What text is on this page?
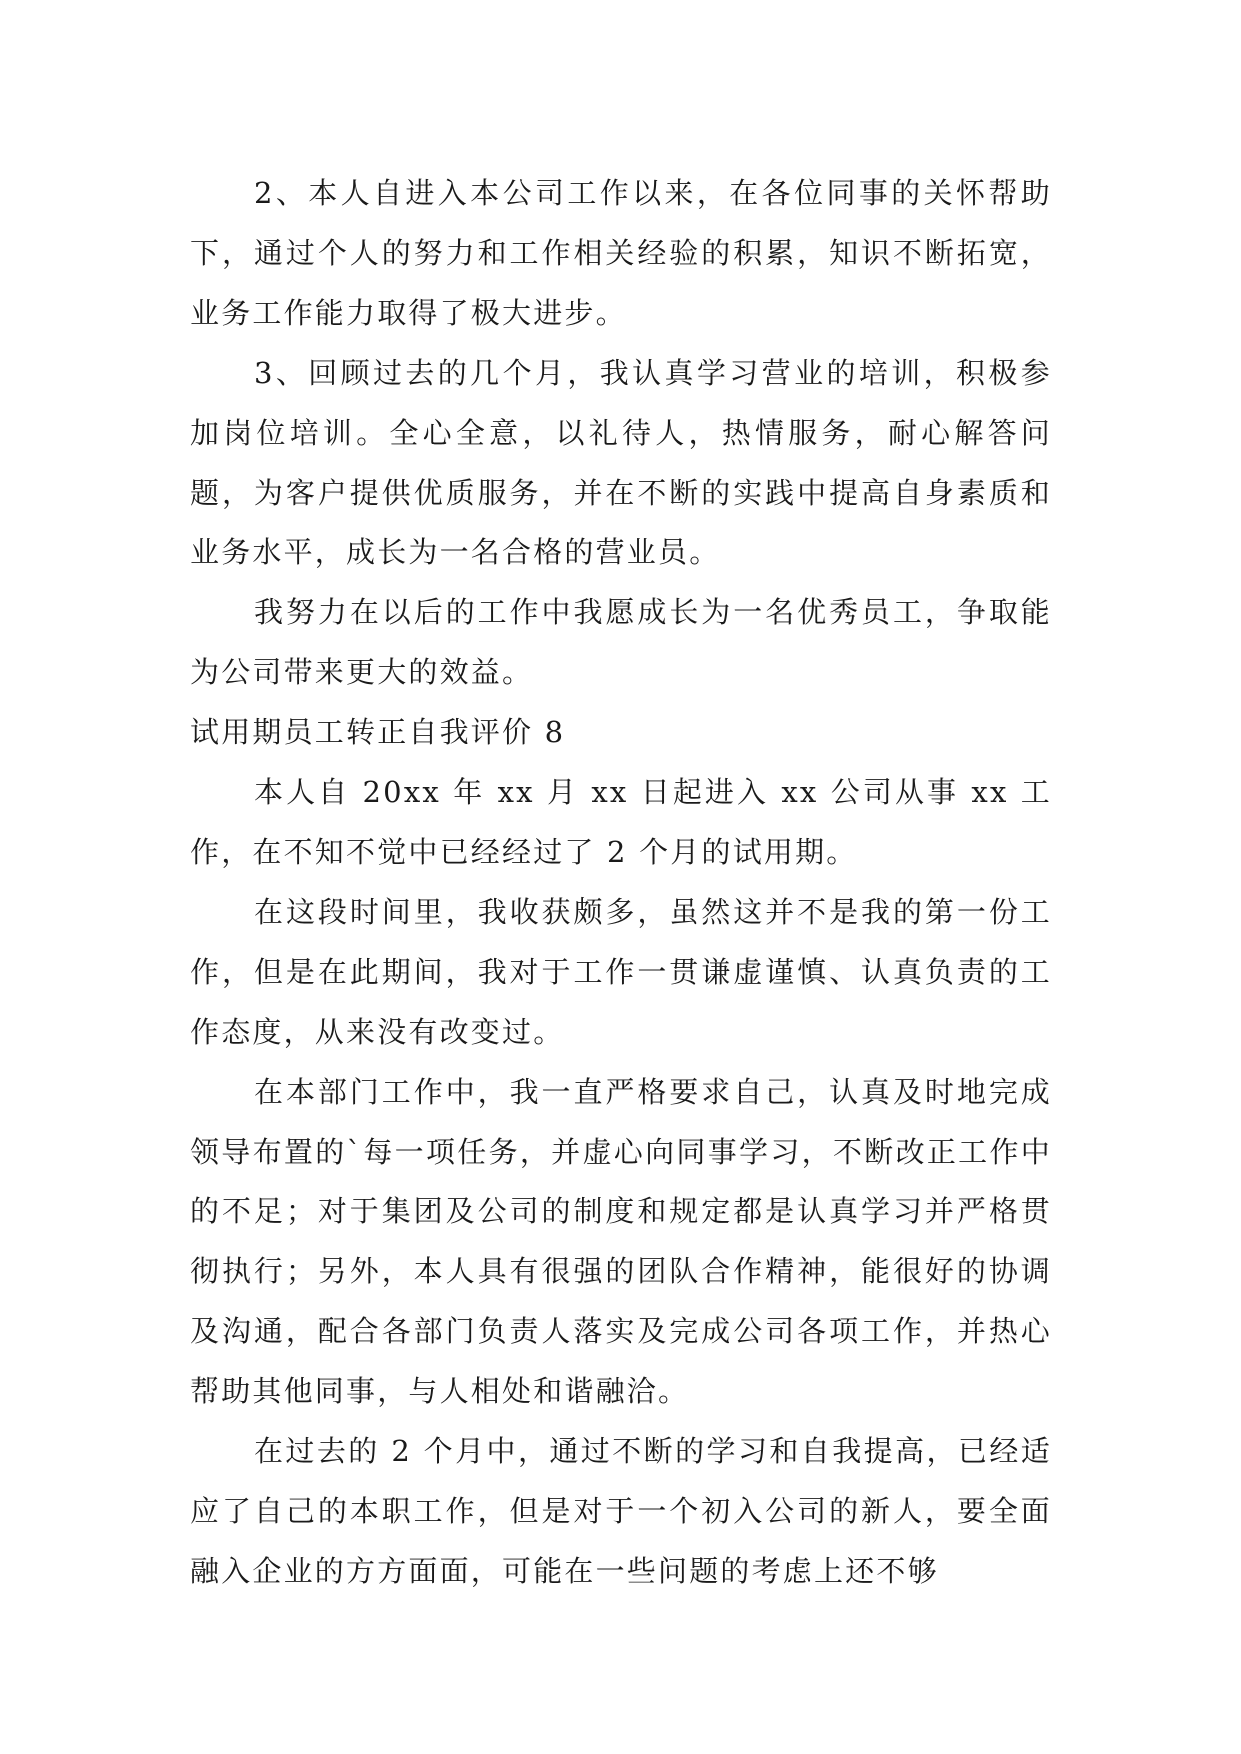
2、本人自进入本公司工作以来，在各位同事的关怀帮助下，通过个人的努力和工作相关经验的积累，知识不断拓宽，业务工作能力取得了极大进步。

3、回顾过去的几个月，我认真学习营业的培训，积极参加岗位培训。全心全意，以礼待人，热情服务，耐心解答问题，为客户提供优质服务，并在不断的实践中提高自身素质和业务水平，成长为一名合格的营业员。

我努力在以后的工作中我愿成长为一名优秀员工，争取能为公司带来更大的效益。

试用期员工转正自我评价 8

本人自 20xx 年 xx 月 xx 日起进入 xx 公司从事 xx 工作，在不知不觉中已经经过了 2 个月的试用期。

在这段时间里，我收获颇多，虽然这并不是我的第一份工作，但是在此期间，我对于工作一贯谦虚谨慎、认真负责的工作态度，从来没有改变过。

在本部门工作中，我一直严格要求自己，认真及时地完成领导布置的`每一项任务，并虚心向同事学习，不断改正工作中的不足；对于集团及公司的制度和规定都是认真学习并严格贯彻执行；另外，本人具有很强的团队合作精神，能很好的协调及沟通，配合各部门负责人落实及完成公司各项工作，并热心帮助其他同事，与人相处和谐融洽。

在过去的 2 个月中，通过不断的学习和自我提高，已经适应了自己的本职工作，但是对于一个初入公司的新人，要全面融入企业的方方面面，可能在一些问题的考虑上还不够
